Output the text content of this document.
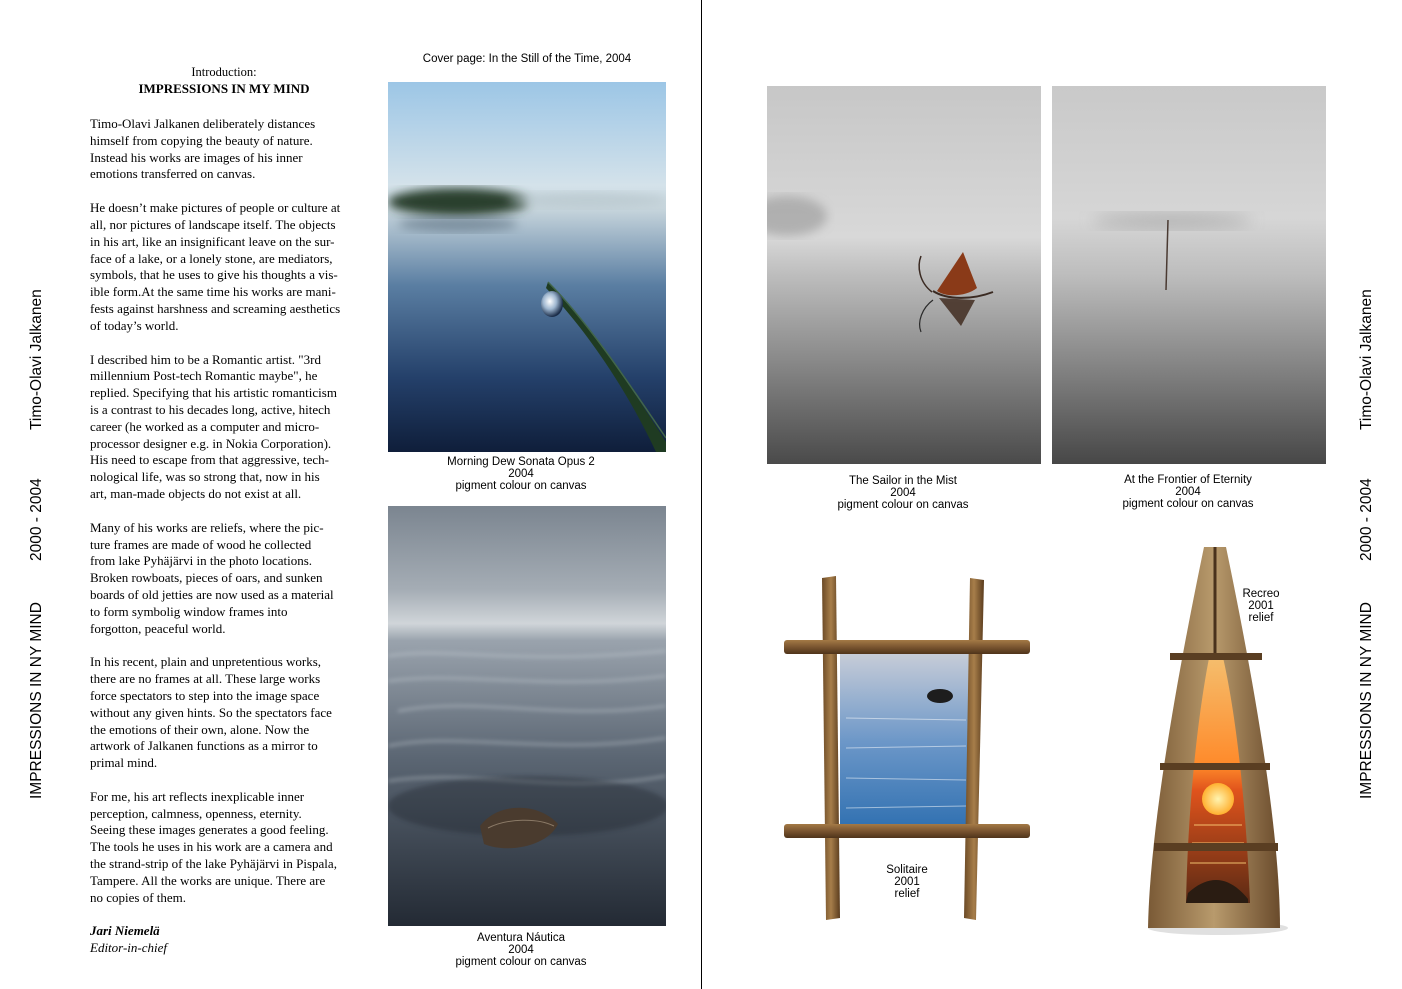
IMPRESSIONS IN NY MIND
2000 - 2004
Timo-Olavi Jalkanen
IMPRESSIONS IN NY MIND
2000 - 2004
Timo-Olavi Jalkanen
Introduction:
IMPRESSIONS IN MY MIND
Timo-Olavi Jalkanen deliberately distances
himself from copying the beauty of nature.
Instead his works are images of his inner
emotions transferred on canvas.
He doesn’t make pictures of people or culture at
all, nor pictures of landscape itself. The objects
in his art, like an insignificant leave on the sur-
face of a lake, or a lonely stone, are mediators,
symbols, that he uses to give his thoughts a vis-
ible form.At the same time his works are mani-
fests against harshness and screaming aesthetics
of today’s world.
I described him to be a Romantic artist. "3rd
millennium Post-tech Romantic maybe", he
replied. Specifying that his artistic romanticism
is a contrast to his decades long, active, hitech
career (he worked as a computer and micro-
processor designer e.g. in Nokia Corporation).
His need to escape from that aggressive, tech-
nological life, was so strong that, now in his
art, man-made objects do not exist at all.
Many of his works are reliefs, where the pic-
ture frames are made of wood he collected
from lake Pyhäjärvi in the photo locations.
Broken rowboats, pieces of oars, and sunken
boards of old jetties are now used as a material
to form symbolig window frames into
forgotton, peaceful world.
In his recent, plain and unpretentious works,
there are no frames at all. These large works
force spectators to step into the image space
without any given hints. So the spectators face
the emotions of their own, alone. Now the
artwork of Jalkanen functions as a mirror to
primal mind.
For me, his art reflects inexplicable inner
perception, calmness, openness, eternity.
Seeing these images generates a good feeling.
The tools he uses in his work are a camera and
the strand-strip of the lake Pyhäjärvi in Pispala,
Tampere. All the works are unique. There are
no copies of them.
Jari Niemelä
Editor-in-chief
Cover page: In the Still of the Time, 2004
Morning Dew Sonata Opus 2
2004
pigment colour on canvas
Aventura Náutica
2004
pigment colour on canvas
The Sailor in the Mist
2004
pigment colour on canvas
At the Frontier of Eternity
2004
pigment colour on canvas
Solitaire
2001
relief
Recreo
2001
relief
